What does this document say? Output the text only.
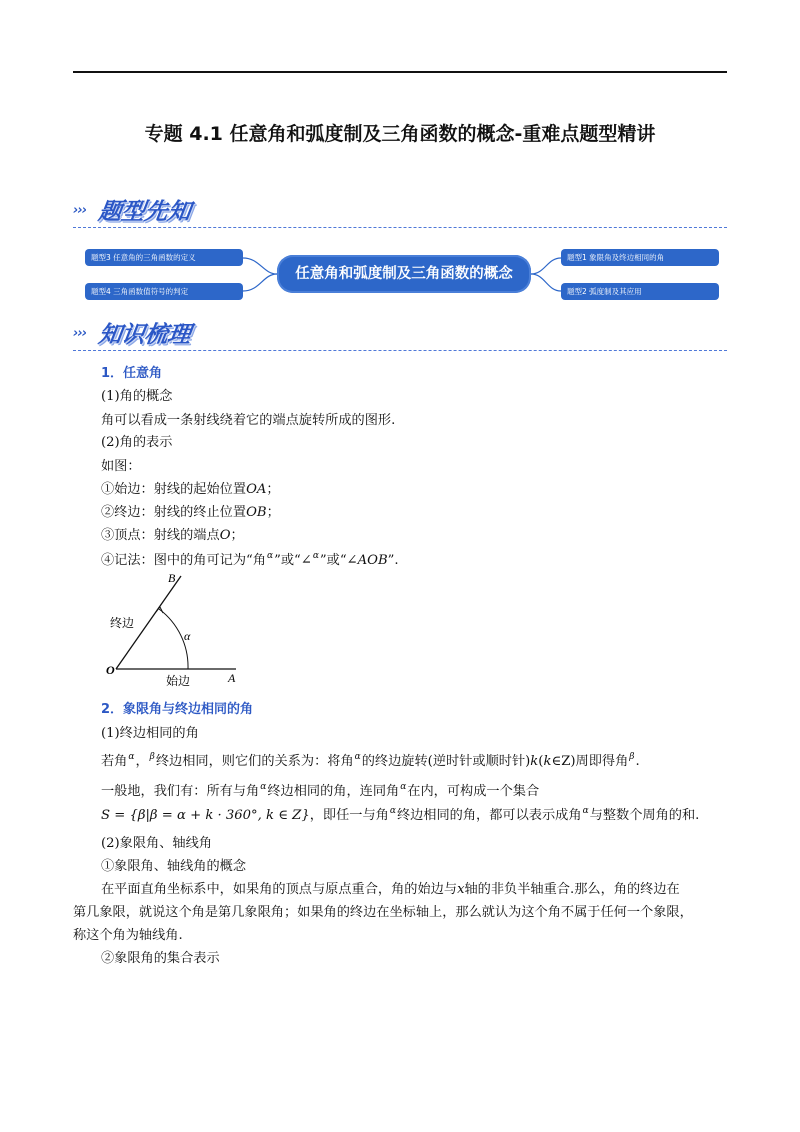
专题 4.1 任意角和弧度制及三角函数的概念-重难点题型精讲
››› 题型先知
题型3 任意角的三角函数的定义
题型4 三角函数值符号的判定
任意角和弧度制及三角函数的概念
题型1 象限角及终边相同的角
题型2 弧度制及其应用
››› 知识梳理
1．任意角
(1)角的概念
角可以看成一条射线绕着它的端点旋转所成的图形.
(2)角的表示
如图：
①始边：射线的起始位置OA；
②终边：射线的终止位置OB；
③顶点：射线的端点O；
④记法：图中的角可记为“角$^\alpha$”或“∠$^\alpha$”或“∠AOB”.
2．象限角与终边相同的角
(1)终边相同的角
若角$^\alpha$，$^\beta$终边相同，则它们的关系为：将角$^\alpha$的终边旋转(逆时针或顺时针)k(k∈Z)周即得角$^\beta$.
一般地，我们有：所有与角$^\alpha$终边相同的角，连同角$^\alpha$在内，可构成一个集合
S = {β|β = α + k · 360°, k ∈ Z}，即任一与角$^\alpha$终边相同的角，都可以表示成角$^\alpha$与整数个周角的和.
(2)象限角、轴线角
①象限角、轴线角的概念
在平面直角坐标系中，如果角的顶点与原点重合，角的始边与x轴的非负半轴重合.那么，角的终边在
第几象限，就说这个角是第几象限角；如果角的终边在坐标轴上，那么就认为这个角不属于任何一个象限，
称这个角为轴线角.
②象限角的集合表示
O
A
B
α
终边
始边
